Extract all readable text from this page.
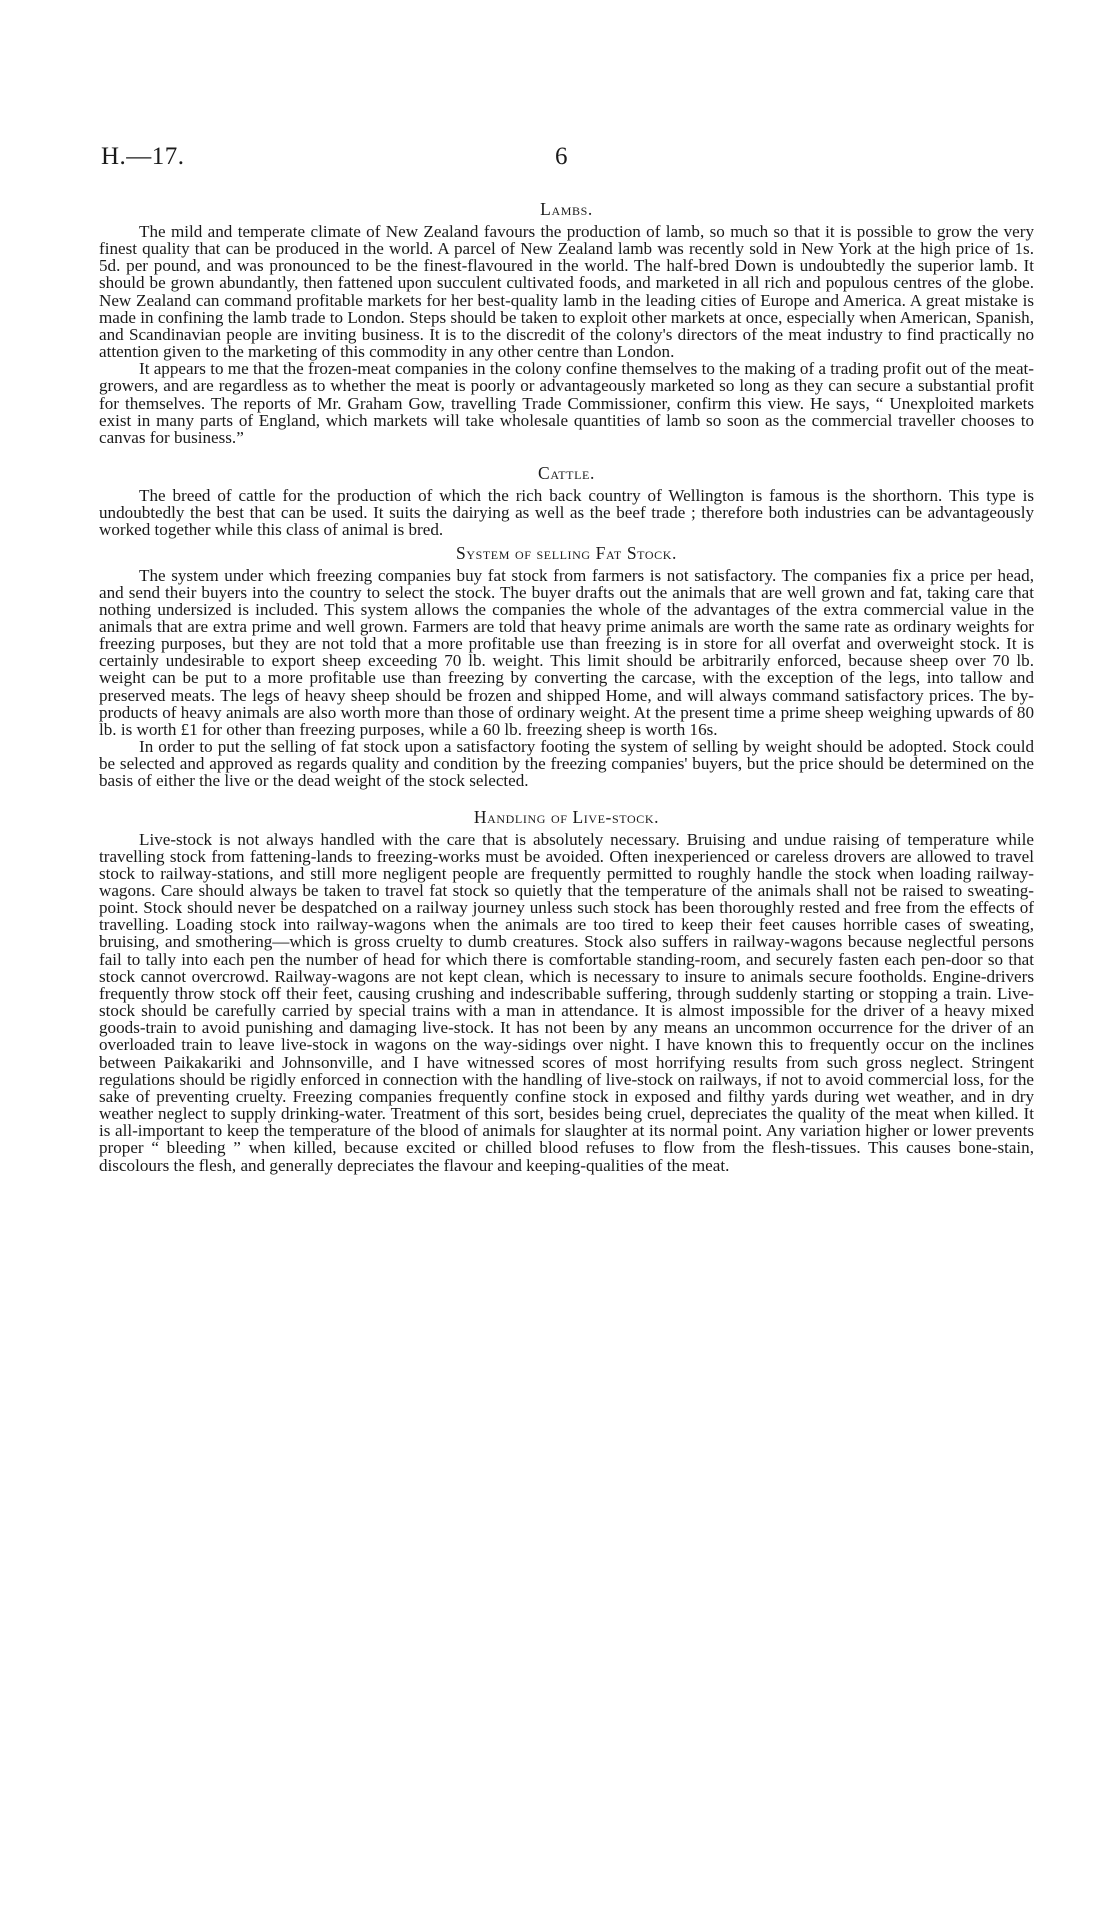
H.—17.	6
Lambs.

The mild and temperate climate of New Zealand favours the production of lamb, so much so that it is possible to grow the very finest quality that can be produced in the world. A parcel of New Zealand lamb was recently sold in New York at the high price of 1s. 5d. per pound, and was pronounced to be the finest-flavoured in the world. The half-bred Down is undoubtedly the superior lamb. It should be grown abundantly, then fattened upon succulent cultivated foods, and marketed in all rich and populous centres of the globe. New Zealand can command profitable markets for her best-quality lamb in the leading cities of Europe and America. A great mistake is made in confining the lamb trade to London. Steps should be taken to exploit other markets at once, especially when American, Spanish, and Scandinavian people are inviting business. It is to the discredit of the colony's directors of the meat industry to find practically no attention given to the marketing of this commodity in any other centre than London.

It appears to me that the frozen-meat companies in the colony confine themselves to the making of a trading profit out of the meat-growers, and are regardless as to whether the meat is poorly or advantageously marketed so long as they can secure a substantial profit for themselves. The reports of Mr. Graham Gow, travelling Trade Commissioner, confirm this view. He says, “ Unexploited markets exist in many parts of England, which markets will take wholesale quantities of lamb so soon as the commercial traveller chooses to canvas for business.”

Cattle.

The breed of cattle for the production of which the rich back country of Wellington is famous is the shorthorn. This type is undoubtedly the best that can be used. It suits the dairying as well as the beef trade ; therefore both industries can be advantageously worked together while this class of animal is bred.

System of selling Fat Stock.

The system under which freezing companies buy fat stock from farmers is not satisfactory. The companies fix a price per head, and send their buyers into the country to select the stock. The buyer drafts out the animals that are well grown and fat, taking care that nothing undersized is included. This system allows the companies the whole of the advantages of the extra commercial value in the animals that are extra prime and well grown. Farmers are told that heavy prime animals are worth the same rate as ordinary weights for freezing purposes, but they are not told that a more profitable use than freezing is in store for all overfat and overweight stock. It is certainly undesirable to export sheep exceeding 70 lb. weight. This limit should be arbitrarily enforced, because sheep over 70 lb. weight can be put to a more profitable use than freezing by converting the carcase, with the exception of the legs, into tallow and preserved meats. The legs of heavy sheep should be frozen and shipped Home, and will always command satisfactory prices. The by-products of heavy animals are also worth more than those of ordinary weight. At the present time a prime sheep weighing upwards of 80 lb. is worth £1 for other than freezing purposes, while a 60 lb. freezing sheep is worth 16s.

In order to put the selling of fat stock upon a satisfactory footing the system of selling by weight should be adopted. Stock could be selected and approved as regards quality and condition by the freezing companies' buyers, but the price should be determined on the basis of either the live or the dead weight of the stock selected.

Handling of Live-stock.

Live-stock is not always handled with the care that is absolutely necessary. Bruising and undue raising of temperature while travelling stock from fattening-lands to freezing-works must be avoided. Often inexperienced or careless drovers are allowed to travel stock to railway-stations, and still more negligent people are frequently permitted to roughly handle the stock when loading railway-wagons. Care should always be taken to travel fat stock so quietly that the temperature of the animals shall not be raised to sweating-point. Stock should never be despatched on a railway journey unless such stock has been thoroughly rested and free from the effects of travelling. Loading stock into railway-wagons when the animals are too tired to keep their feet causes horrible cases of sweating, bruising, and smothering—which is gross cruelty to dumb creatures. Stock also suffers in railway-wagons because neglectful persons fail to tally into each pen the number of head for which there is comfortable standing-room, and securely fasten each pen-door so that stock cannot overcrowd. Railway-wagons are not kept clean, which is necessary to insure to animals secure footholds. Engine-drivers frequently throw stock off their feet, causing crushing and indescribable suffering, through suddenly starting or stopping a train. Live-stock should be carefully carried by special trains with a man in attendance. It is almost impossible for the driver of a heavy mixed goods-train to avoid punishing and damaging live-stock. It has not been by any means an uncommon occurrence for the driver of an overloaded train to leave live-stock in wagons on the way-sidings over night. I have known this to frequently occur on the inclines between Paikakariki and Johnsonville, and I have witnessed scores of most horrifying results from such gross neglect. Stringent regulations should be rigidly enforced in connection with the handling of live-stock on railways, if not to avoid commercial loss, for the sake of preventing cruelty. Freezing companies frequently confine stock in exposed and filthy yards during wet weather, and in dry weather neglect to supply drinking-water. Treatment of this sort, besides being cruel, depreciates the quality of the meat when killed. It is all-important to keep the temperature of the blood of animals for slaughter at its normal point. Any variation higher or lower prevents proper “ bleeding ” when killed, because excited or chilled blood refuses to flow from the flesh-tissues. This causes bone-stain, discolours the flesh, and generally depreciates the flavour and keeping-qualities of the meat.
